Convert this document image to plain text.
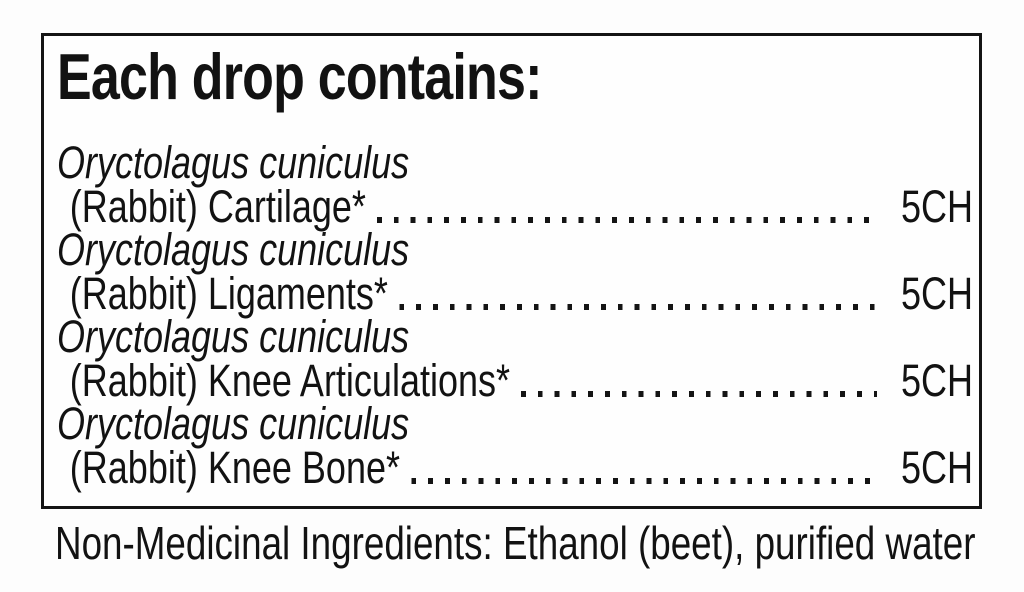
Each drop contains:
Oryctolagus cuniculus
(Rabbit) Cartilage*	5CH
Oryctolagus cuniculus
(Rabbit) Ligaments*	5CH
Oryctolagus cuniculus
(Rabbit) Knee Articulations*	5CH
Oryctolagus cuniculus
(Rabbit) Knee Bone*	5CH
Non-Medicinal Ingredients: Ethanol (beet), purified water
